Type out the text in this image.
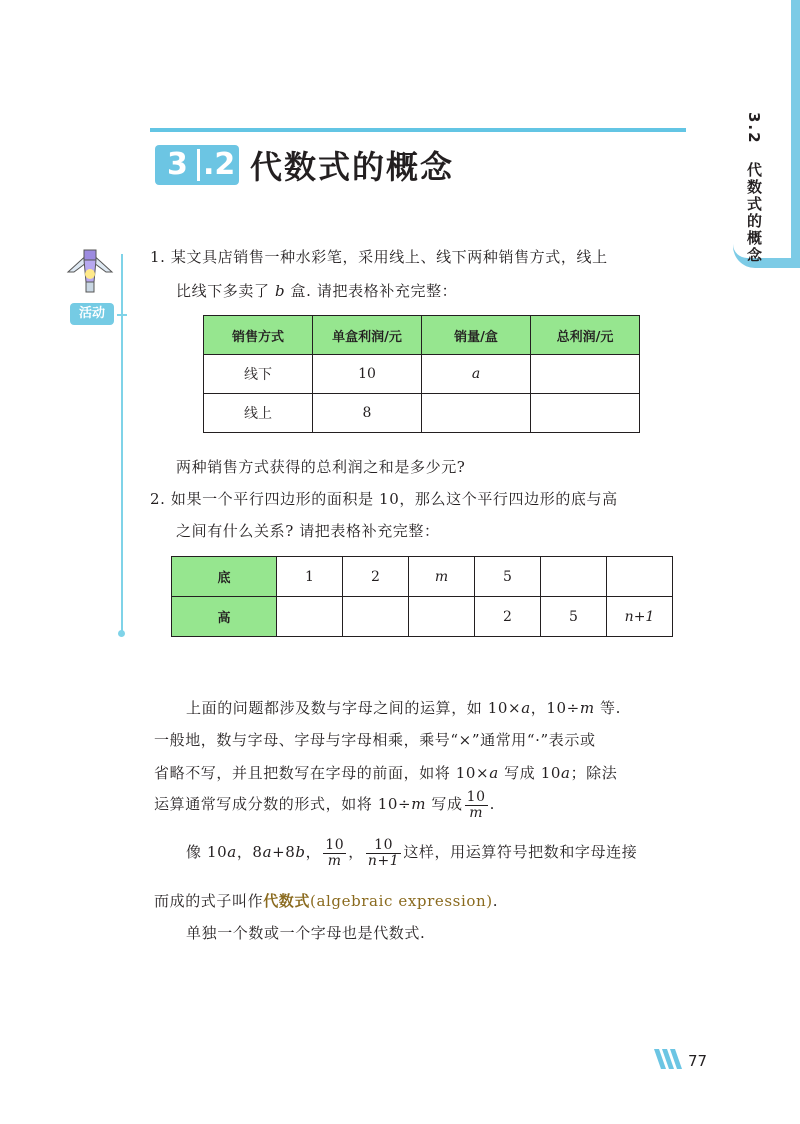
3.2　代数式的概念
3 .2 代数式的概念
活动
1. 某文具店销售一种水彩笔，采用线上、线下两种销售方式，线上
比线下多卖了 b 盒. 请把表格补充完整：
销售方式	单盒利润/元	销量/盒	总利润/元
线下	10	a	
线上	8		
两种销售方式获得的总利润之和是多少元?
2. 如果一个平行四边形的面积是 10，那么这个平行四边形的底与高
之间有什么关系? 请把表格补充完整：
底	1	2	m	5		
高				2	5	n+1
上面的问题都涉及数与字母之间的运算，如 10×a，10÷m 等.
一般地，数与字母、字母与字母相乘，乘号“×”通常用“·”表示或
省略不写，并且把数写在字母的前面，如将 10×a 写成 10a；除法
运算通常写成分数的形式，如将 10÷m 写成 $\frac{10}{m}$ .
像 10a，8a+8b， $\frac{10}{m}$ ， $\frac{10}{n+1}$ 这样，用运算符号把数和字母连接
而成的式子叫作代数式(algebraic expression).
单独一个数或一个字母也是代数式.
77
